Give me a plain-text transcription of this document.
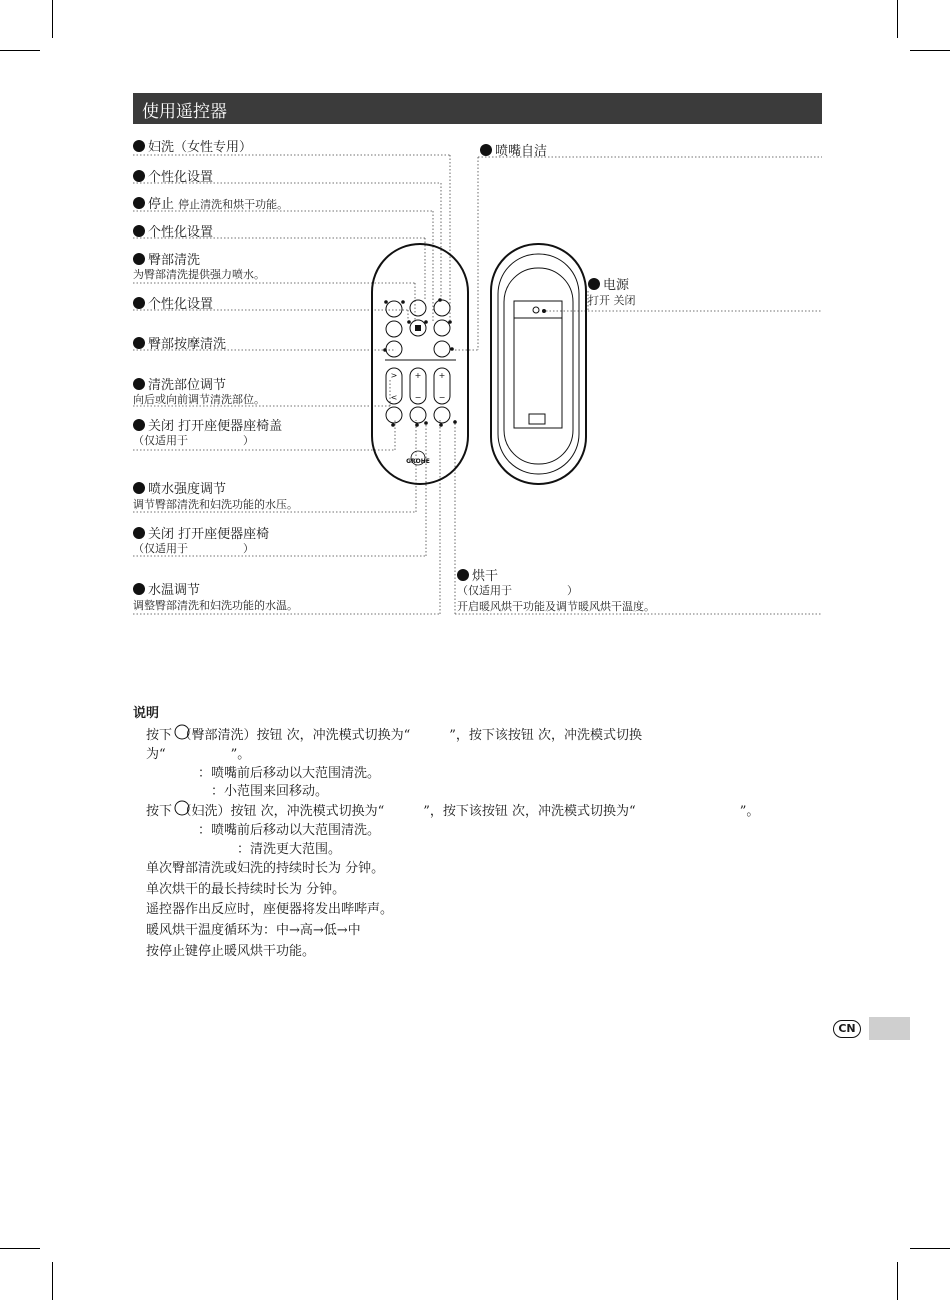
使用遥控器
>
<
+
−
+
−
GROHE
妇洗（女性专用）
个性化设置
停止 停止清洗和烘干功能。
个性化设置
臀部清洗
为臀部清洗提供强力喷水。
个性化设置
臀部按摩清洗
清洗部位调节
向后或向前调节清洗部位。
关闭 打开座便器座椅盖
（仅适用于　　　　　）
喷水强度调节
调节臀部清洗和妇洗功能的水压。
关闭 打开座便器座椅
（仅适用于　　　　　）
水温调节
调整臀部清洗和妇洗功能的水温。
喷嘴自洁
电源
打开 关闭
烘干
（仅适用于　　　　　）
开启暖风烘干功能及调节暖风烘干温度。
说明
按下　（臀部清洗）按钮 次，冲洗模式切换为“　　　”，按下该按钮 次，冲洗模式切换
为“　　　　　”。
　　　　：喷嘴前后移动以大范围清洗。
　　　　　：小范围来回移动。
按下　（妇洗）按钮 次，冲洗模式切换为“　　　”，按下该按钮 次，冲洗模式切换为“　　　　　　　　”。
　　　　：喷嘴前后移动以大范围清洗。
　　　　　　　：清洗更大范围。
单次臀部清洗或妇洗的持续时长为 分钟。
单次烘干的最长持续时长为 分钟。
遥控器作出反应时，座便器将发出哔哔声。
暖风烘干温度循环为：中→高→低→中
按停止键停止暖风烘干功能。
CN
